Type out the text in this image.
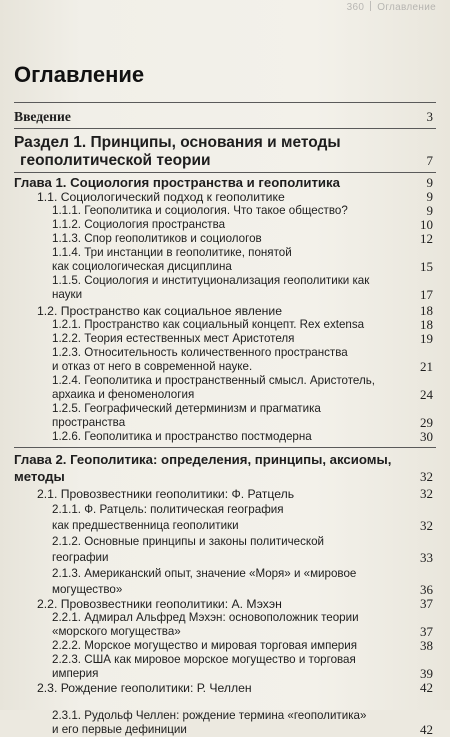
360 Оглавление
Оглавление
Введение	3
Раздел 1. Принципы, основания и методы
геополитической теории	7
Глава 1. Социология пространства и геополитика	9
1.1. Социологический подход к геополитике	9
1.1.1. Геополитика и социология. Что такое общество?	9
1.1.2. Социология пространства	10
1.1.3. Спор геополитиков и социологов	12
1.1.4. Три инстанции в геополитике, понятой
как социологическая дисциплина	15
1.1.5. Социология и институционализация геополитики как
науки	17
1.2. Пространство как социальное явление	18
1.2.1. Пространство как социальный концепт. Rex extensa	18
1.2.2. Теория естественных мест Аристотеля	19
1.2.3. Относительность количественного пространства
и отказ от него в современной науке.	21
1.2.4. Геополитика и пространственный смысл. Аристотель,
архаика и феноменология	24
1.2.5. Географический детерминизм и прагматика
пространства	29
1.2.6. Геополитика и пространство постмодерна	30
Глава 2. Геополитика: определения, принципы, аксиомы,
методы	32
2.1. Провозвестники геополитики: Ф. Ратцель	32
2.1.1. Ф. Ратцель: политическая география
как предшественница геополитики	32
2.1.2. Основные принципы и законы политической
географии	33
2.1.3. Американский опыт, значение «Моря» и «мировое
могущество»	36
2.2. Провозвестники геополитики: А. Мэхэн	37
2.2.1. Адмирал Альфред Мэхэн: основоположник теории
«морского могущества»	37
2.2.2. Морское могущество и мировая торговая империя	38
2.2.3. США как мировое морское могущество и торговая
империя	39
2.3. Рождение геополитики: Р. Челлен	42
2.3.1. Рудольф Челлен: рождение термина «геополитика»
и его первые дефиниции	42
